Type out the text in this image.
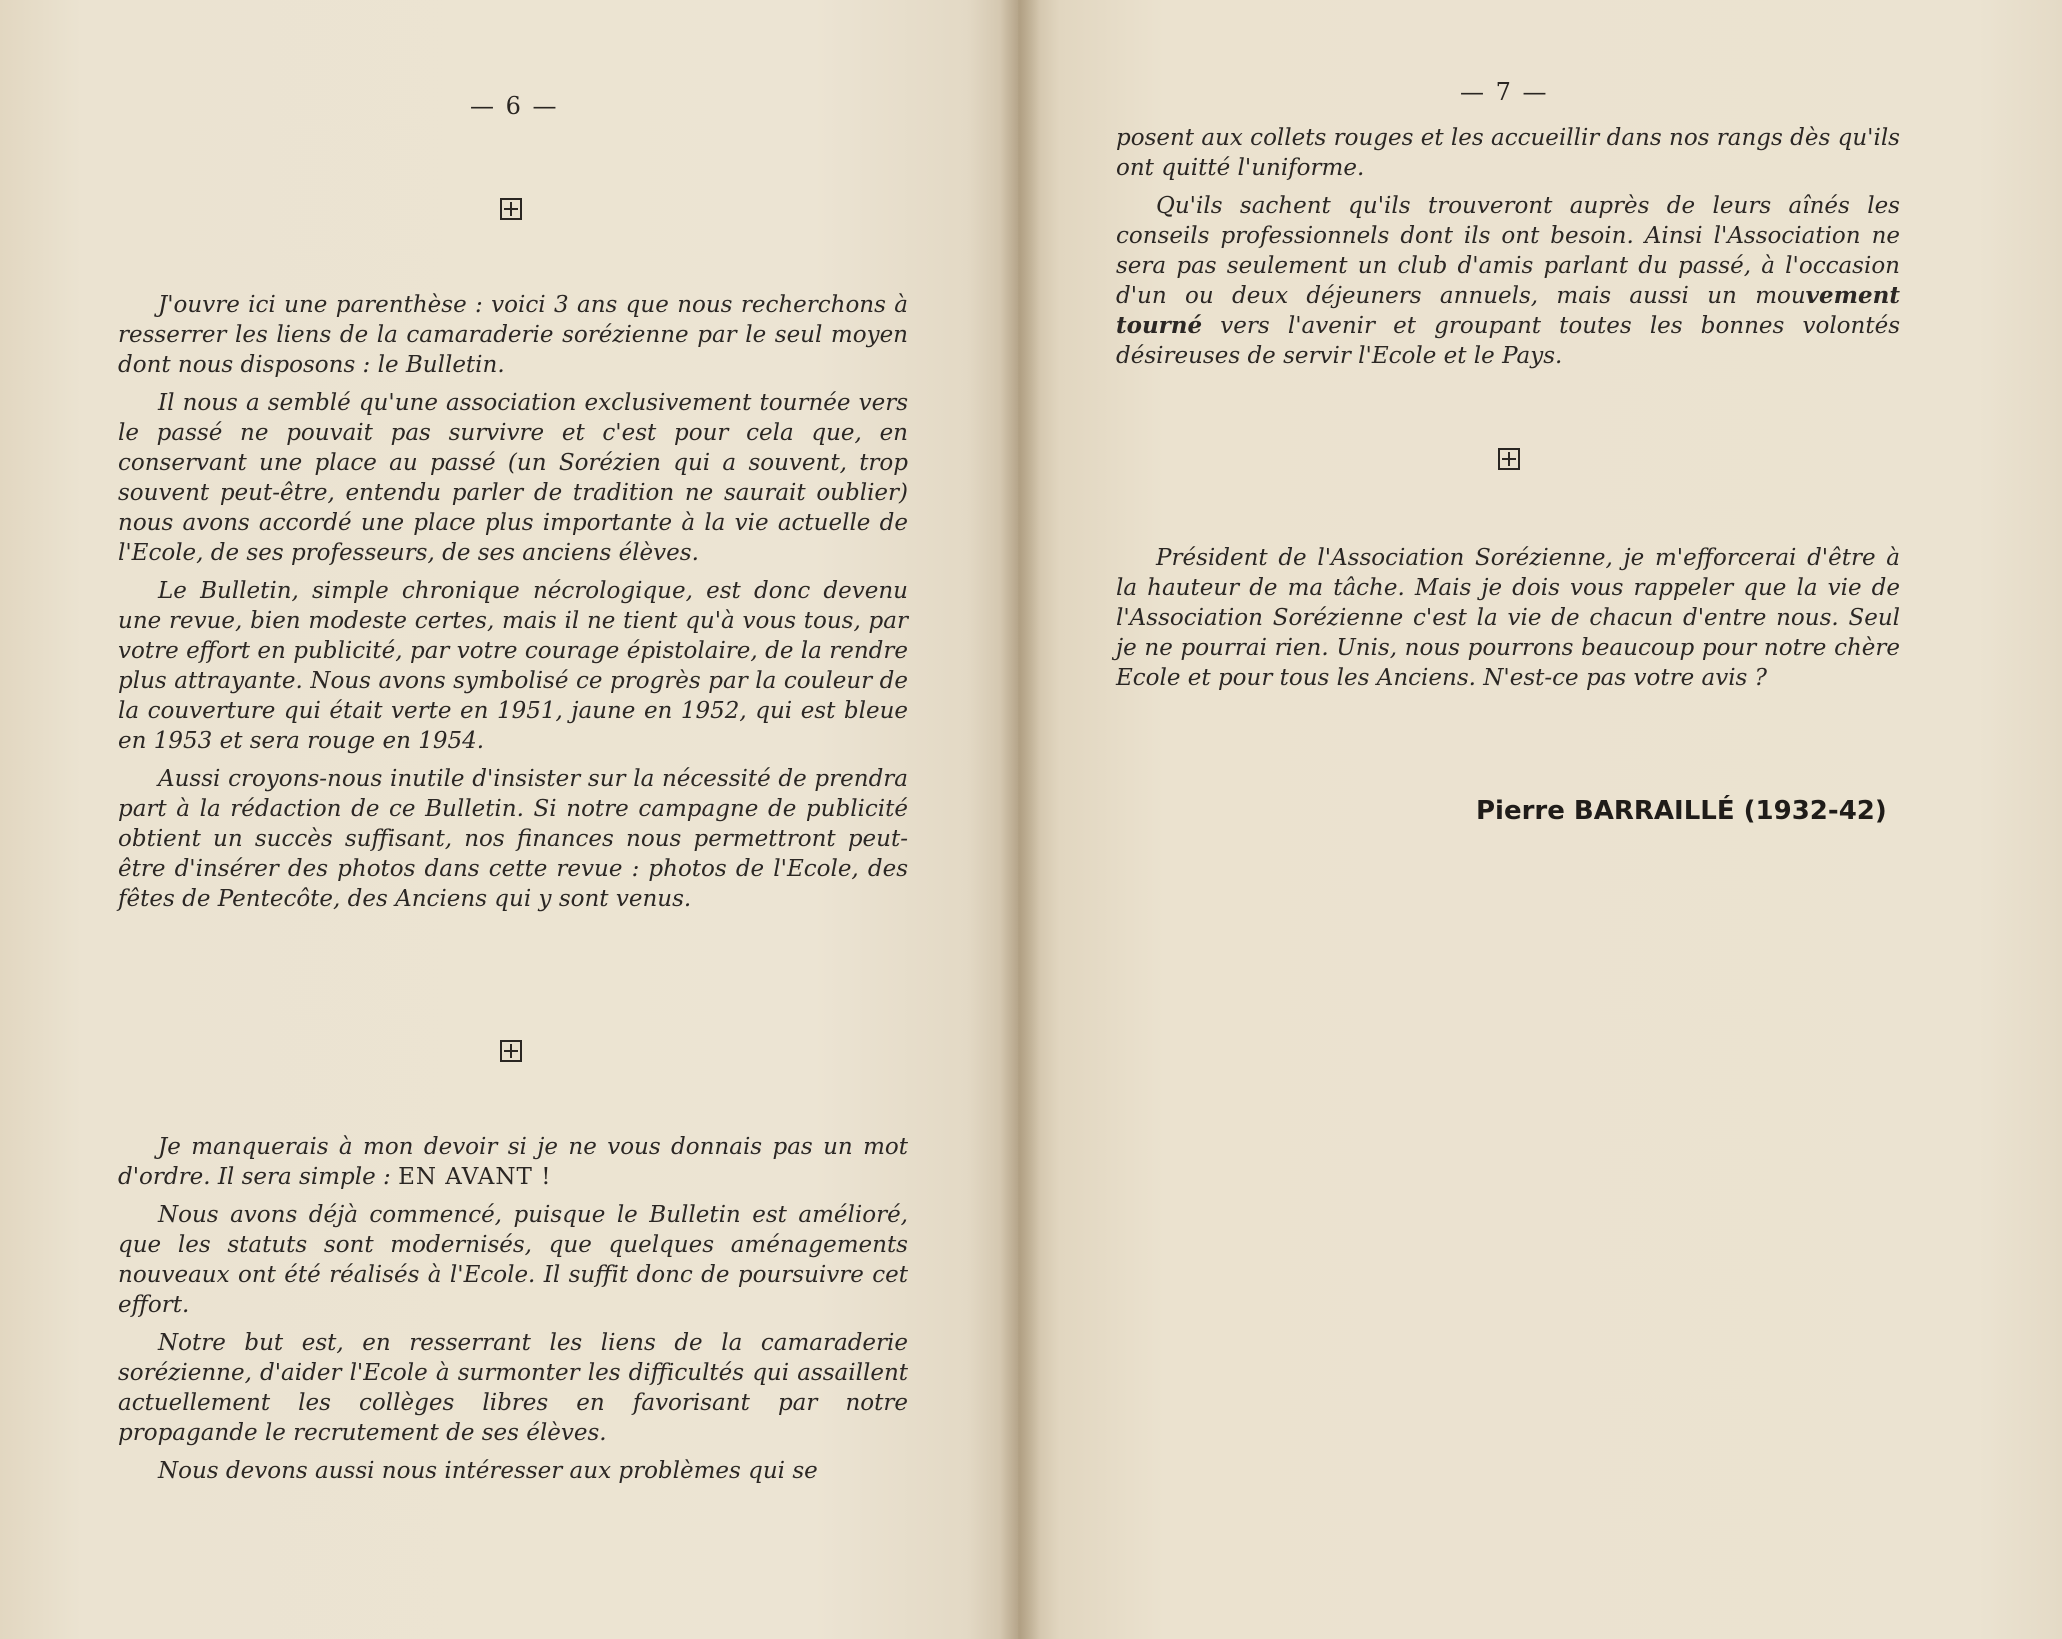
— 6 —

J'ouvre ici une parenthèse : voici 3 ans que nous recherchons à resserrer les liens de la camaraderie sorézienne par le seul moyen dont nous disposons : le Bulletin.

Il nous a semblé qu'une association exclusivement tournée vers le passé ne pouvait pas survivre et c'est pour cela que, en conservant une place au passé (un Sorézien qui a souvent, trop souvent peut-être, entendu parler de tradition ne saurait oublier) nous avons accordé une place plus importante à la vie actuelle de l'Ecole, de ses professeurs, de ses anciens élèves.

Le Bulletin, simple chronique nécrologique, est donc devenu une revue, bien modeste certes, mais il ne tient qu'à vous tous, par votre effort en publicité, par votre courage épistolaire, de la rendre plus attrayante. Nous avons symbolisé ce progrès par la couleur de la couverture qui était verte en 1951, jaune en 1952, qui est bleue en 1953 et sera rouge en 1954.

Aussi croyons-nous inutile d'insister sur la nécessité de prendra part à la rédaction de ce Bulletin. Si notre campagne de publicité obtient un succès suffisant, nos finances nous permettront peut-être d'insérer des photos dans cette revue : photos de l'Ecole, des fêtes de Pentecôte, des Anciens qui y sont venus.

Je manquerais à mon devoir si je ne vous donnais pas un mot d'ordre. Il sera simple : EN AVANT !

Nous avons déjà commencé, puisque le Bulletin est amélioré, que les statuts sont modernisés, que quelques aménagements nouveaux ont été réalisés à l'Ecole. Il suffit donc de poursuivre cet effort.

Notre but est, en resserrant les liens de la camaraderie sorézienne, d'aider l'Ecole à surmonter les difficultés qui assaillent actuellement les collèges libres en favorisant par notre propagande le recrutement de ses élèves.

Nous devons aussi nous intéresser aux problèmes qui se

— 7 —

posent aux collets rouges et les accueillir dans nos rangs dès qu'ils ont quitté l'uniforme.

Qu'ils sachent qu'ils trouveront auprès de leurs aînés les conseils professionnels dont ils ont besoin. Ainsi l'Association ne sera pas seulement un club d'amis parlant du passé, à l'occasion d'un ou deux déjeuners annuels, mais aussi un mouvement tourné vers l'avenir et groupant toutes les bonnes volontés désireuses de servir l'Ecole et le Pays.

Président de l'Association Sorézienne, je m'efforcerai d'être à la hauteur de ma tâche. Mais je dois vous rappeler que la vie de l'Association Sorézienne c'est la vie de chacun d'entre nous. Seul je ne pourrai rien. Unis, nous pourrons beaucoup pour notre chère Ecole et pour tous les Anciens. N'est-ce pas votre avis ?

Pierre BARRAILLÉ (1932-42)
